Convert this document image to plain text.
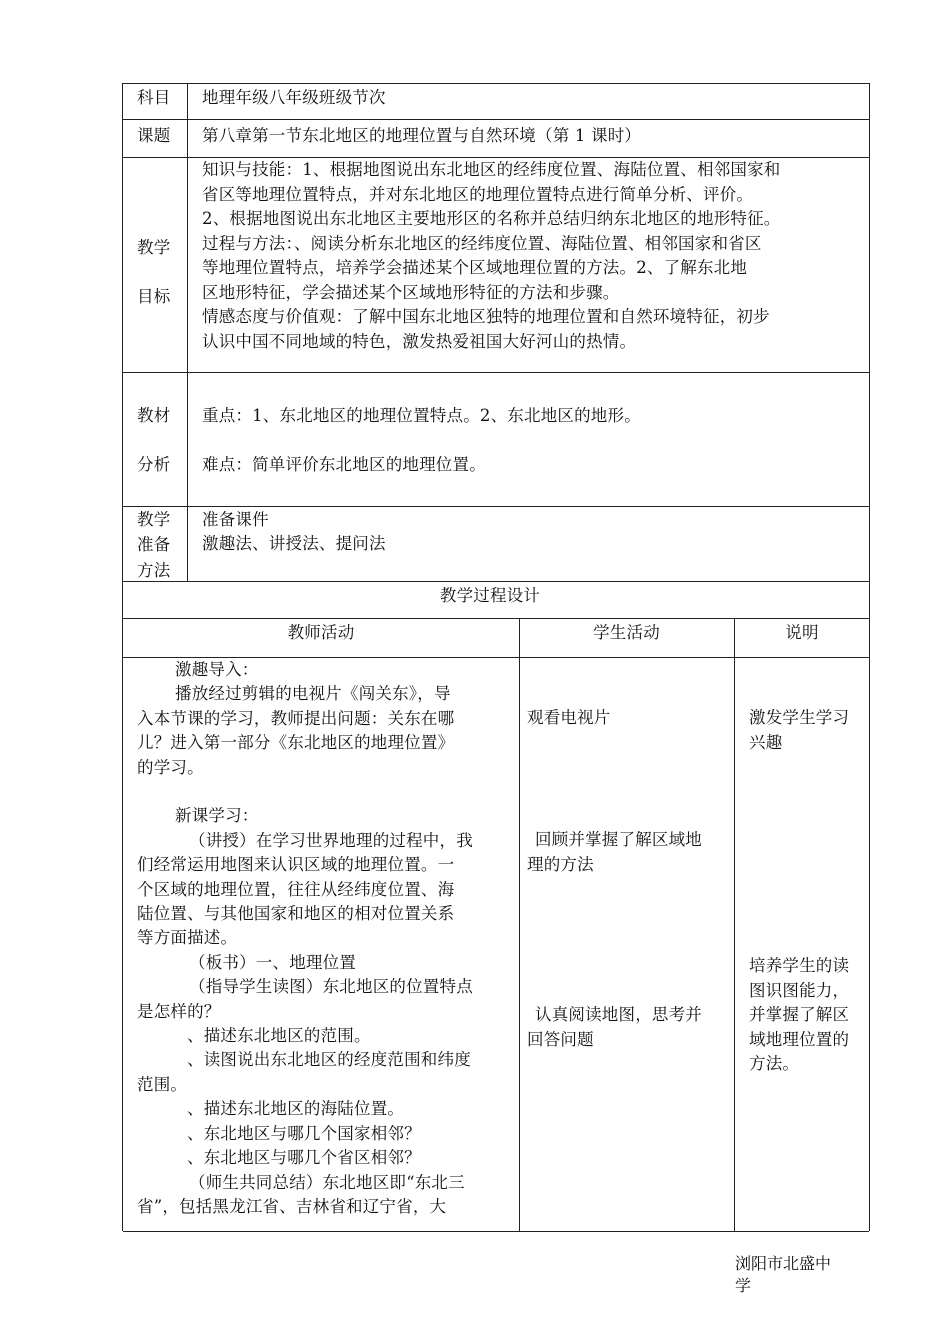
科目 地理年级八年级班级节次
课题 第八章第一节东北地区的地理位置与自然环境（第 1 课时）
教学
目标
知识与技能：1、根据地图说出东北地区的经纬度位置、海陆位置、相邻国家和
省区等地理位置特点，并对东北地区的地理位置特点进行简单分析、评价。
2、根据地图说出东北地区主要地形区的名称并总结归纳东北地区的地形特征。
过程与方法：、阅读分析东北地区的经纬度位置、海陆位置、相邻国家和省区
等地理位置特点，培养学会描述某个区域地理位置的方法。2、了解东北地
区地形特征，学会描述某个区域地形特征的方法和步骤。
情感态度与价值观：了解中国东北地区独特的地理位置和自然环境特征，初步
认识中国不同地域的特色，激发热爱祖国大好河山的热情。
教材
分析
重点：1、东北地区的地理位置特点。2、东北地区的地形。
难点：简单评价东北地区的地理位置。
教学
准备
方法
准备课件
激趣法、讲授法、提问法
教学过程设计
教师活动	学生活动	说明
激趣导入：
播放经过剪辑的电视片《闯关东》，导
入本节课的学习，教师提出问题：关东在哪
儿？进入第一部分《东北地区的地理位置》
的学习。
新课学习：
（讲授）在学习世界地理的过程中，我
们经常运用地图来认识区域的地理位置。一
个区域的地理位置，往往从经纬度位置、海
陆位置、与其他国家和地区的相对位置关系
等方面描述。
（板书）一、地理位置
（指导学生读图）东北地区的位置特点
是怎样的？
、描述东北地区的范围。
、读图说出东北地区的经度范围和纬度
范围。
、描述东北地区的海陆位置。
、东北地区与哪几个国家相邻？
、东北地区与哪几个省区相邻？
（师生共同总结）东北地区即“东北三
省”，包括黑龙江省、吉林省和辽宁省，大
观看电视片
回顾并掌握了解区域地
理的方法
认真阅读地图，思考并
回答问题
激发学生学习
兴趣
培养学生的读
图识图能力，
并掌握了解区
域地理位置的
方法。
浏阳市北盛中
学
